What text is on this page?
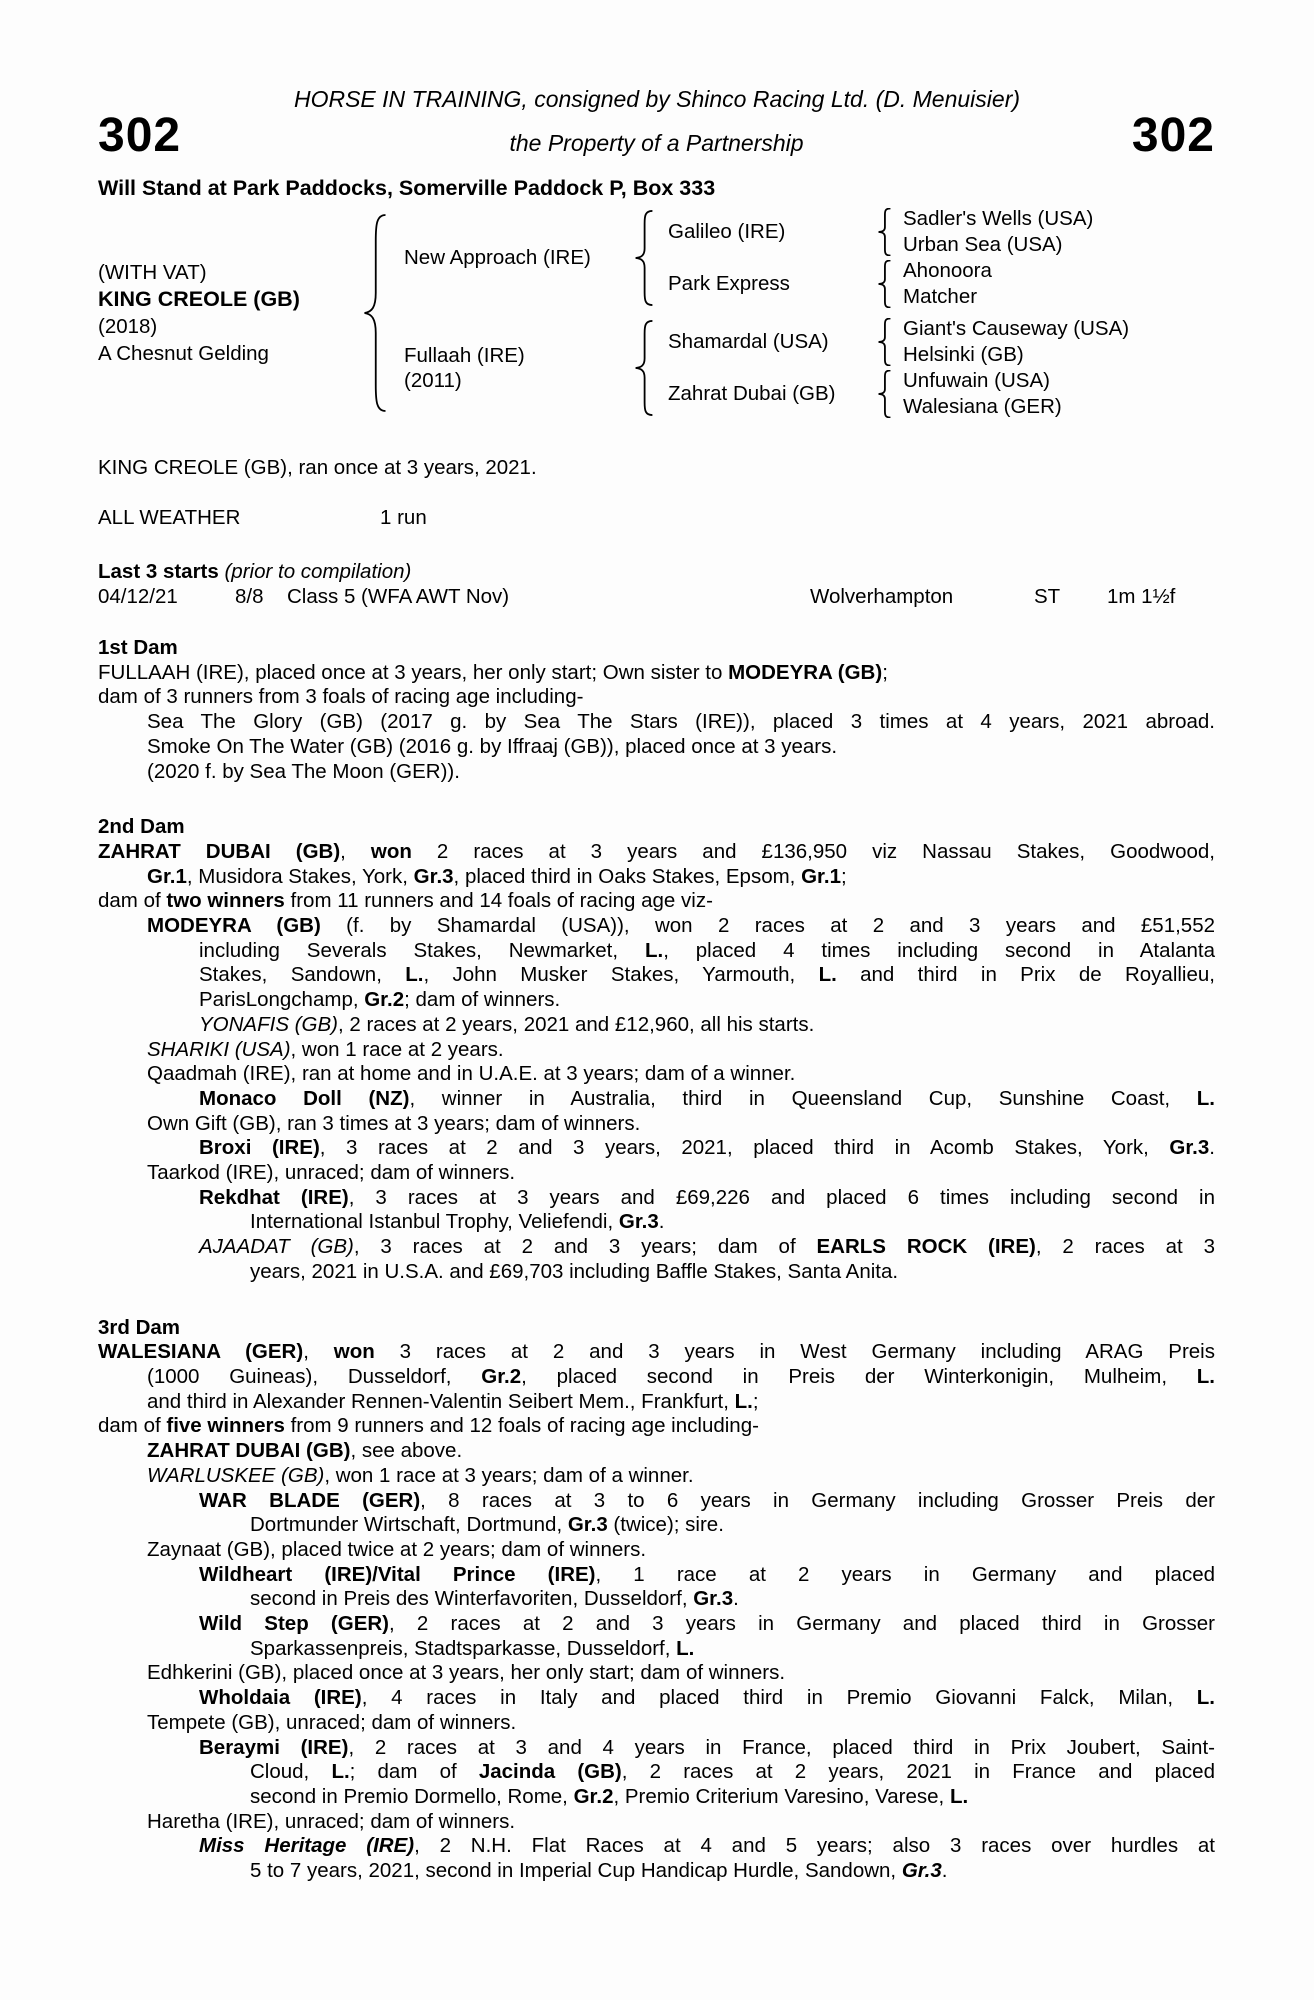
HORSE IN TRAINING, consigned by Shinco Racing Ltd. (D. Menuisier)
302	the Property of a Partnership	302
Will Stand at Park Paddocks, Somerville Paddock P, Box 333
(WITH VAT)
KING CREOLE (GB)
(2018)
A Chesnut Gelding
New Approach (IRE)
Galileo (IRE)
Sadler's Wells (USA)
Urban Sea (USA)
Park Express
Ahonoora
Matcher
Fullaah (IRE)
(2011)
Shamardal (USA)
Giant's Causeway (USA)
Helsinki (GB)
Zahrat Dubai (GB)
Unfuwain (USA)
Walesiana (GER)
KING CREOLE (GB), ran once at 3 years, 2021.
ALL WEATHER	1 run
Last 3 starts (prior to compilation)
04/12/21	8/8 Class 5 (WFA AWT Nov)	Wolverhampton	ST 1m 1½f
1st Dam
FULLAAH (IRE), placed once at 3 years, her only start; Own sister to MODEYRA (GB);
dam of 3 runners from 3 foals of racing age including-
Sea The Glory (GB) (2017 g. by Sea The Stars (IRE)), placed 3 times at 4 years, 2021 abroad.
Smoke On The Water (GB) (2016 g. by Iffraaj (GB)), placed once at 3 years.
(2020 f. by Sea The Moon (GER)).
2nd Dam
ZAHRAT DUBAI (GB), won 2 races at 3 years and £136,950 viz Nassau Stakes, Goodwood,
Gr.1, Musidora Stakes, York, Gr.3, placed third in Oaks Stakes, Epsom, Gr.1;
dam of two winners from 11 runners and 14 foals of racing age viz-
MODEYRA (GB) (f. by Shamardal (USA)), won 2 races at 2 and 3 years and £51,552
including Severals Stakes, Newmarket, L., placed 4 times including second in Atalanta
Stakes, Sandown, L., John Musker Stakes, Yarmouth, L. and third in Prix de Royallieu,
ParisLongchamp, Gr.2; dam of winners.
YONAFIS (GB), 2 races at 2 years, 2021 and £12,960, all his starts.
SHARIKI (USA), won 1 race at 2 years.
Qaadmah (IRE), ran at home and in U.A.E. at 3 years; dam of a winner.
Monaco Doll (NZ), winner in Australia, third in Queensland Cup, Sunshine Coast, L.
Own Gift (GB), ran 3 times at 3 years; dam of winners.
Broxi (IRE), 3 races at 2 and 3 years, 2021, placed third in Acomb Stakes, York, Gr.3.
Taarkod (IRE), unraced; dam of winners.
Rekdhat (IRE), 3 races at 3 years and £69,226 and placed 6 times including second in
International Istanbul Trophy, Veliefendi, Gr.3.
AJAADAT (GB), 3 races at 2 and 3 years; dam of EARLS ROCK (IRE), 2 races at 3
years, 2021 in U.S.A. and £69,703 including Baffle Stakes, Santa Anita.
3rd Dam
WALESIANA (GER), won 3 races at 2 and 3 years in West Germany including ARAG Preis
(1000 Guineas), Dusseldorf, Gr.2, placed second in Preis der Winterkonigin, Mulheim, L.
and third in Alexander Rennen-Valentin Seibert Mem., Frankfurt, L.;
dam of five winners from 9 runners and 12 foals of racing age including-
ZAHRAT DUBAI (GB), see above.
WARLUSKEE (GB), won 1 race at 3 years; dam of a winner.
WAR BLADE (GER), 8 races at 3 to 6 years in Germany including Grosser Preis der
Dortmunder Wirtschaft, Dortmund, Gr.3 (twice); sire.
Zaynaat (GB), placed twice at 2 years; dam of winners.
Wildheart (IRE)/Vital Prince (IRE), 1 race at 2 years in Germany and placed
second in Preis des Winterfavoriten, Dusseldorf, Gr.3.
Wild Step (GER), 2 races at 2 and 3 years in Germany and placed third in Grosser
Sparkassenpreis, Stadtsparkasse, Dusseldorf, L.
Edhkerini (GB), placed once at 3 years, her only start; dam of winners.
Wholdaia (IRE), 4 races in Italy and placed third in Premio Giovanni Falck, Milan, L.
Tempete (GB), unraced; dam of winners.
Beraymi (IRE), 2 races at 3 and 4 years in France, placed third in Prix Joubert, Saint-
Cloud, L.; dam of Jacinda (GB), 2 races at 2 years, 2021 in France and placed
second in Premio Dormello, Rome, Gr.2, Premio Criterium Varesino, Varese, L.
Haretha (IRE), unraced; dam of winners.
Miss Heritage (IRE), 2 N.H. Flat Races at 4 and 5 years; also 3 races over hurdles at
5 to 7 years, 2021, second in Imperial Cup Handicap Hurdle, Sandown, Gr.3.
